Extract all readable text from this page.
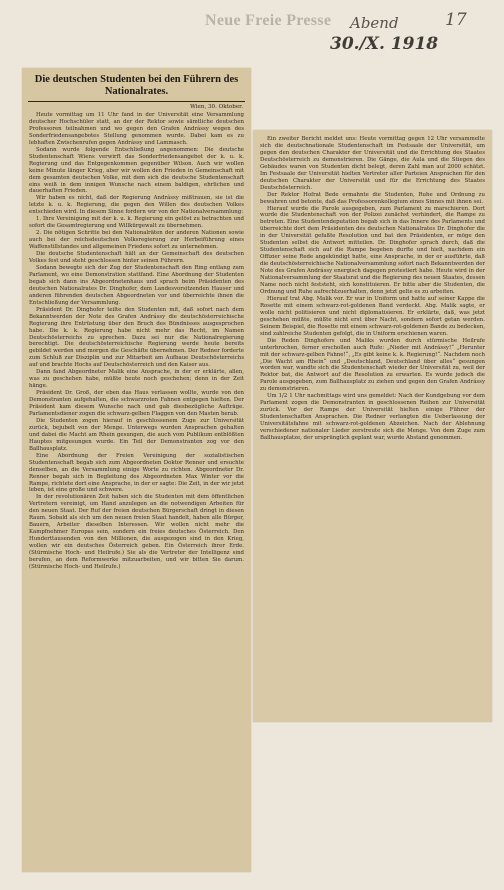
Neue Freie Presse Abend	17
30./X. 1918
Die deutschen Studenten bei den Führern des
Nationalrates.
Wien, 30. Oktober.

Heute vormittag um 11 Uhr fand in der Universität eine Versammlung deutscher Hochschüler statt, an der der Rektor sowie sämtliche deutschen Professoren teilnahmen und wo gegen den Grafen Andrássy wegen des Sonderfriedensangebotes Stellung genommen wurde. Dabei kam es zu lebhaften Zwischenrufen gegen Andrássy und Lammasch.

Sodann wurde folgende Entschließung angenommen: Die deutsche Studentenschaft Wiens verwirft das Sonderfriedensangebot der k. u. k. Regierung und das Entgegenkommen gegenüber Wilson. Auch wir wollen keine Minute länger Krieg, aber wir wollen den Frieden in Gemeinschaft mit dem gesamten deutschen Volke, mit dem sich die deutsche Studentenschaft eins weiß in dem innigen Wunsche nach einem baldigen, ehrlichen und dauerhaften Frieden.

Wir haben es nicht, daß der Regierung Andrássy mißtrauen, sie ist die letzte k. u. k. Regierung, die gegen den Willen des deutschen Volkes entschieden wird. In diesem Sinne fordern wir von der Nationalversammlung:

1. Ihre Vereinigung mit der k. u. k. Regierung ein gelöst zu betrachten und sofort die Gesamtregierung und Willkürgewalt zu übernehmen.

2. Die nötigen Schritte bei den Nationalräten der anderen Nationen sowie auch bei der reichsdeutschen Volksregierung zur Herbeiführung eines Waffenstillstandes und allgemeinen Friedens sofort zu unternehmen.

Die deutsche Studentenschaft hält an der Gemeinschaft des deutschen Volkes fest und steht geschlossen hinter seinen Führern.

Sodann bewegte sich der Zug der Studentenschaft den Ring entlang zum Parlament, wo eine Demonstration stattfand. Eine Abordnung der Studenten begab sich dann ins Abgeordnetenhaus und sprach beim Präsidenten des deutschen Nationalrates Dr. Dinghofer, dem Landesvorsitzenden Hauser und anderen führenden deutschen Abgeordneten vor und überreichte ihnen die Entschließung der Versammlung.

Präsident Dr. Dinghofer teilte den Studenten mit, daß sofort nach dem Bekanntwerden der Note des Grafen Andrássy die deutschösterreichische Regierung ihre Entrüstung über den Bruch des Bündnisses ausgesprochen habe. Die k. k. Regierung habe nicht mehr das Recht, im Namen Deutschösterreichs zu sprechen. Dazu sei nur die Nationalregierung berechtigt. Die deutschösterreichische Regierung werde heute bereits gebildet werden und morgen die Geschäfte übernehmen. Der Redner forderte zum Schluß zur Disziplin und zur Mitarbeit am Aufbaue Deutschösterreichs auf und brachte Hochs auf Deutschösterreich und den Kaiser aus.

Dann fand Abgeordneter Malik eine Ansprache, in der er erklärte, allen, was zu geschehen habe, müßte heute noch geschehen; denn in der Zeit hänge.

Präsident Dr. Groß, der eben das Haus verlassen wollte, wurde von den Demonstranten aufgehalten, die schwarzroten Fahnen entgegen hielten. Der Präsident kam diesem Wunsche nach und gab diesbezügliche Aufträge. Parlamentsdiener zogen die schwarz-gelben Flaggen von den Masten herab.

Die Studenten zogen hierauf in geschlossenem Zuge zur Universität zurück, bejubelt von der Menge. Unterwegs wurden Ansprachen gehalten und dabei die Macht am Rhein gesungen, die auch vom Publikum entblößten Hauptes mitgesungen wurde. Ein Teil der Demonstranten zog vor den Ballhausplatz.

Eine Abordnung der Freien Vereinigung der sozialistischen Studentenschaft begab sich zum Abgeordneten Doktor Renner und ersuchte denselben, an die Versammlung einige Worte zu richten. Abgeordneter Dr. Renner begab sich in Begleitung des Abgeordneten Max Winter vor die Rampe, richtete dort eine Ansprache, in der er sagte: Die Zeit, in der wir jetzt leben, ist eine große und schwere.

In der revolutionären Zeit haben sich die Studenten mit dem öffentlichen Vertretern vereinigt, um Hand anzulegen an die notwendigen Arbeiten für den neuen Staat. Der Ruf der freien deutschen Bürgerschaft dringt in diesen Raum. Sobald als sich um den neuen freien Staat handelt, haben alle Bürger, Bauern, Arbeiter dieselben Interessen. Wir wollen nicht mehr die Kampfnehmer Europas sein, sondern ein freies deutsches Österreich. Den Hunderttausenden von den Millionen, die ausgezogen sind in den Krieg, wollen wir ein deutsches Österreich geben. Ein Österreich ihrer Erde. (Stürmische Hoch- und Heilrufe.) Sie als die Vertreter der Intelligenz sind berufen, an dem Reformwerke mitzuarbeiten, und wir bitten Sie darum. (Stürmische Hoch- und Heilrufe.)

Ein zweiter Bericht meldet uns: Heute vormittag gegen 12 Uhr versammelte sich die deutschnationale Studentenschaft im Festsaale der Universität, um gegen den deutschen Charakter der Universität und die Errichtung des Staates Deutschösterreich zu demonstrieren. Die Gänge, die Aula und die Stiegen des Gebäudes waren von Studenten dicht belegt, deren Zahl man auf 2000 schätzt. Im Festsaale der Universität hielten Vertreter aller Parteien Ansprachen für den deutschen Charakter der Universität und für die Errichtung des Staates Deutschösterreich.

Der Rektor Hofrat Bede ermahnte die Studenten, Ruhe und Ordnung zu bewahren und betonte, daß das Professorenkollegium eines Sinnes mit ihnen sei.

Hierauf wurde die Parole ausgegeben, zum Parlament zu marschieren. Dort wurde die Studentenschaft von der Polizei zunächst verhindert, die Rampe zu betreten. Eine Studentendeputation begab sich in das Innere des Parlaments und überreichte dort dem Präsidenten des deutschen Nationalrates Dr. Dinghofer die in der Universität gefaßte Resolution und bat den Präsidenten, er möge den Studenten selbst die Antwort mitteilen. Dr. Dinghofer sprach durch, daß die Studentenschaft sich auf die Rampe begeben durfte und hielt, nachdem ein Offizier seine Rede angekündigt hatte, eine Ansprache, in der er ausführte, daß die deutschösterreichische Nationalversammlung sofort nach Bekanntwerden der Note des Grafen Andrássy energisch dagegen protestiert habe. Heute wird in der Nationalversammlung der Staatsrat und die Regierung des neuen Staates, dessen Name noch nicht feststeht, sich konstituieren. Er bitte aber die Studenten, die Ordnung und Ruhe aufrechtzuerhalten, denn jetzt gelte es zu arbeiten.

Hierauf trat Abg. Malik vor. Er war in Uniform und hatte auf seiner Kappe die Rosette mit einem schwarz-rot-goldenen Band verdeckt. Abg. Malik sagte, er wolle nicht politisieren und nicht diplomatisieren. Er erklärte, daß, was jetzt geschehen müßte, müßte nicht erst über Nacht, sondern sofort getan werden. Seinem Beispiel, die Rosette mit einem schwarz-rot-goldenen Bande zu bedecken, sind zahlreiche Studenten gefolgt, die in Uniform erschienen waren.

Die Reden Dinghofers und Maliks wurden durch stürmische Heilrufe unterbrochen, ferner erschollen auch Rufe: „Nieder mit Andrássy!“ „Herunter mit der schwarz-gelben Fahne!“, „Es gibt keine k. k. Regierung!“. Nachdem noch „Die Wacht am Rhein“ und „Deutschland, Deutschland über alles“ gesungen worden war, wandte sich die Studentenschaft wieder der Universität zu, weil der Rektor bat, die Antwort auf die Resolution zu erwarten. Es wurde jedoch die Parole ausgegeben, zum Ballhausplatz zu ziehen und gegen den Grafen Andrássy zu demonstrieren.

Um 1/2 1 Uhr nachmittags wird uns gemeldet: Nach der Kundgebung vor dem Parlament zogen die Demonstranten in geschlossenen Reihen zur Universität zurück. Vor der Rampe der Universität hielten einige Führer der Studentenschaften Ansprachen. Die Redner verlangten die Ueberlassung der Universitätsfahne mit schwarz-rot-goldenen Abzeichen. Nach der Ablehnung verschiedener nationaler Lieder zerstreute sich die Menge. Von dem Zuge zum Ballhausplatze, der ursprünglich geplant war, wurde Abstand genommen.
